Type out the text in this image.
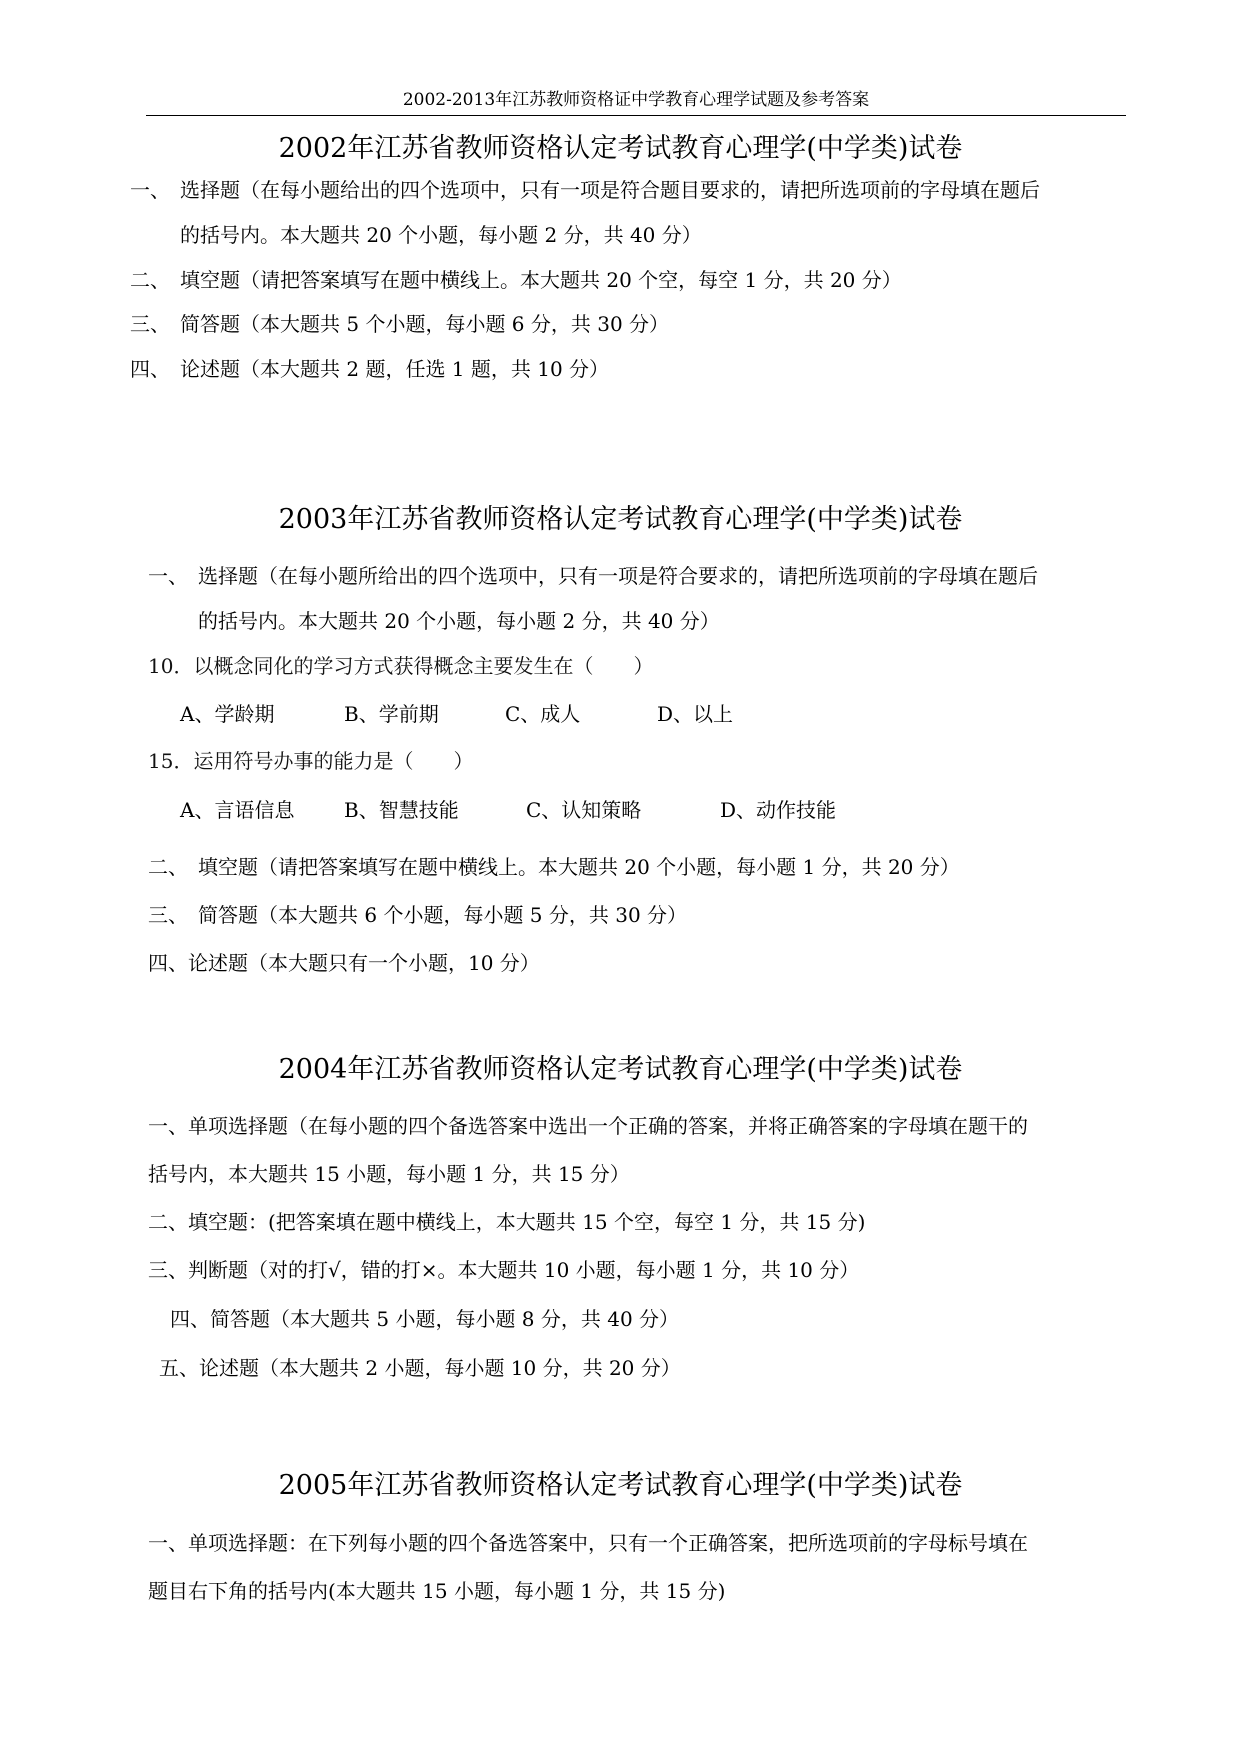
2002-2013年江苏教师资格证中学教育心理学试题及参考答案
2002年江苏省教师资格认定考试教育心理学(中学类)试卷
一、 选择题（在每小题给出的四个选项中，只有一项是符合题目要求的，请把所选项前的字母填在题后
的括号内。本大题共 20 个小题，每小题 2 分，共 40 分）
二、 填空题（请把答案填写在题中横线上。本大题共 20 个空，每空 1 分，共 20 分）
三、 简答题（本大题共 5 个小题，每小题 6 分，共 30 分）
四、 论述题（本大题共 2 题，任选 1 题，共 10 分）
2003年江苏省教师资格认定考试教育心理学(中学类)试卷
一、 选择题（在每小题所给出的四个选项中，只有一项是符合要求的，请把所选项前的字母填在题后
的括号内。本大题共 20 个小题，每小题 2 分，共 40 分）
10．以概念同化的学习方式获得概念主要发生在（　　）
A、学龄期	B、学前期	C、成人	D、以上
15．运用符号办事的能力是（　　）
A、言语信息 B、智慧技能	C、认知策略	D、动作技能
二、 填空题（请把答案填写在题中横线上。本大题共 20 个小题，每小题 1 分，共 20 分）
三、 简答题（本大题共 6 个小题，每小题 5 分，共 30 分）
四、论述题（本大题只有一个小题，10 分）
2004年江苏省教师资格认定考试教育心理学(中学类)试卷
一、单项选择题（在每小题的四个备选答案中选出一个正确的答案，并将正确答案的字母填在题干的
括号内，本大题共 15 小题，每小题 1 分，共 15 分）
二、填空题：(把答案填在题中横线上，本大题共 15 个空，每空 1 分，共 15 分)
三、判断题（对的打√，错的打×。本大题共 10 小题，每小题 1 分，共 10 分）
四、简答题（本大题共 5 小题，每小题 8 分，共 40 分）
五、论述题（本大题共 2 小题，每小题 10 分，共 20 分）
2005年江苏省教师资格认定考试教育心理学(中学类)试卷
一、单项选择题：在下列每小题的四个备选答案中，只有一个正确答案，把所选项前的字母标号填在
题目右下角的括号内(本大题共 15 小题，每小题 1 分，共 15 分)
